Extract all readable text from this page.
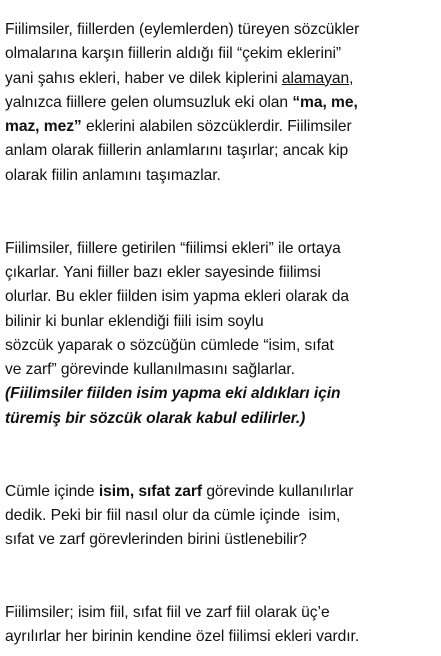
Fiilimsiler, fiillerden (eylemlerden) türeyen sözcükler
olmalarına karşın fiillerin aldığı fiil “çekim eklerini”
yani şahıs ekleri, haber ve dilek kiplerini alamayan,
yalnızca fiillere gelen olumsuzluk eki olan “ma, me,
maz, mez” eklerini alabilen sözcüklerdir. Fiilimsiler
anlam olarak fiillerin anlamlarını taşırlar; ancak kip
olarak fiilin anlamını taşımazlar.
Fiilimsiler, fiillere getirilen “fiilimsi ekleri” ile ortaya
çıkarlar. Yani fiiller bazı ekler sayesinde fiilimsi
olurlar. Bu ekler fiilden isim yapma ekleri olarak da
bilinir ki bunlar eklendiği fiili isim soylu
sözcük yaparak o sözcüğün cümlede “isim, sıfat
ve zarf” görevinde kullanılmasını sağlarlar.
(Fiilimsiler fiilden isim yapma eki aldıkları için
türemiş bir sözcük olarak kabul edilirler.)
Cümle içinde isim, sıfat zarf görevinde kullanılırlar
dedik. Peki bir fiil nasıl olur da cümle içinde  isim,
sıfat ve zarf görevlerinden birini üstlenebilir?
Fiilimsiler; isim fiil, sıfat fiil ve zarf fiil olarak üç’e
ayrılırlar her birinin kendine özel fiilimsi ekleri vardır.
